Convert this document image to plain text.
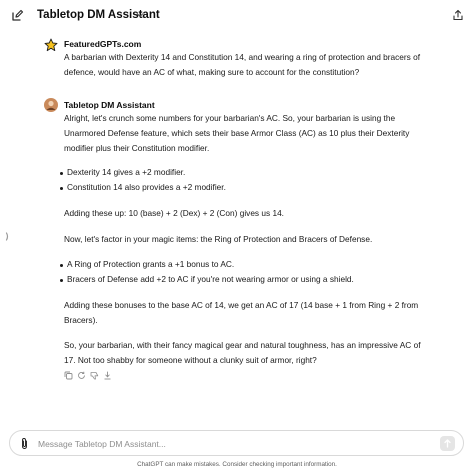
Tabletop DM Assistant
FeaturedGPTs.com
A barbarian with Dexterity 14 and Constitution 14, and wearing a ring of protection and bracers of defence, would have an AC of what, making sure to account for the constitution?
Tabletop DM Assistant
Alright, let's crunch some numbers for your barbarian's AC. So, your barbarian is using the Unarmored Defense feature, which sets their base Armor Class (AC) as 10 plus their Dexterity modifier plus their Constitution modifier.
Dexterity 14 gives a +2 modifier.
Constitution 14 also provides a +2 modifier.
Adding these up: 10 (base) + 2 (Dex) + 2 (Con) gives us 14.
Now, let's factor in your magic items: the Ring of Protection and Bracers of Defense.
A Ring of Protection grants a +1 bonus to AC.
Bracers of Defense add +2 to AC if you're not wearing armor or using a shield.
Adding these bonuses to the base AC of 14, we get an AC of 17 (14 base + 1 from Ring + 2 from Bracers).
So, your barbarian, with their fancy magical gear and natural toughness, has an impressive AC of 17. Not too shabby for someone without a clunky suit of armor, right?
Message Tabletop DM Assistant...
ChatGPT can make mistakes. Consider checking important information.
